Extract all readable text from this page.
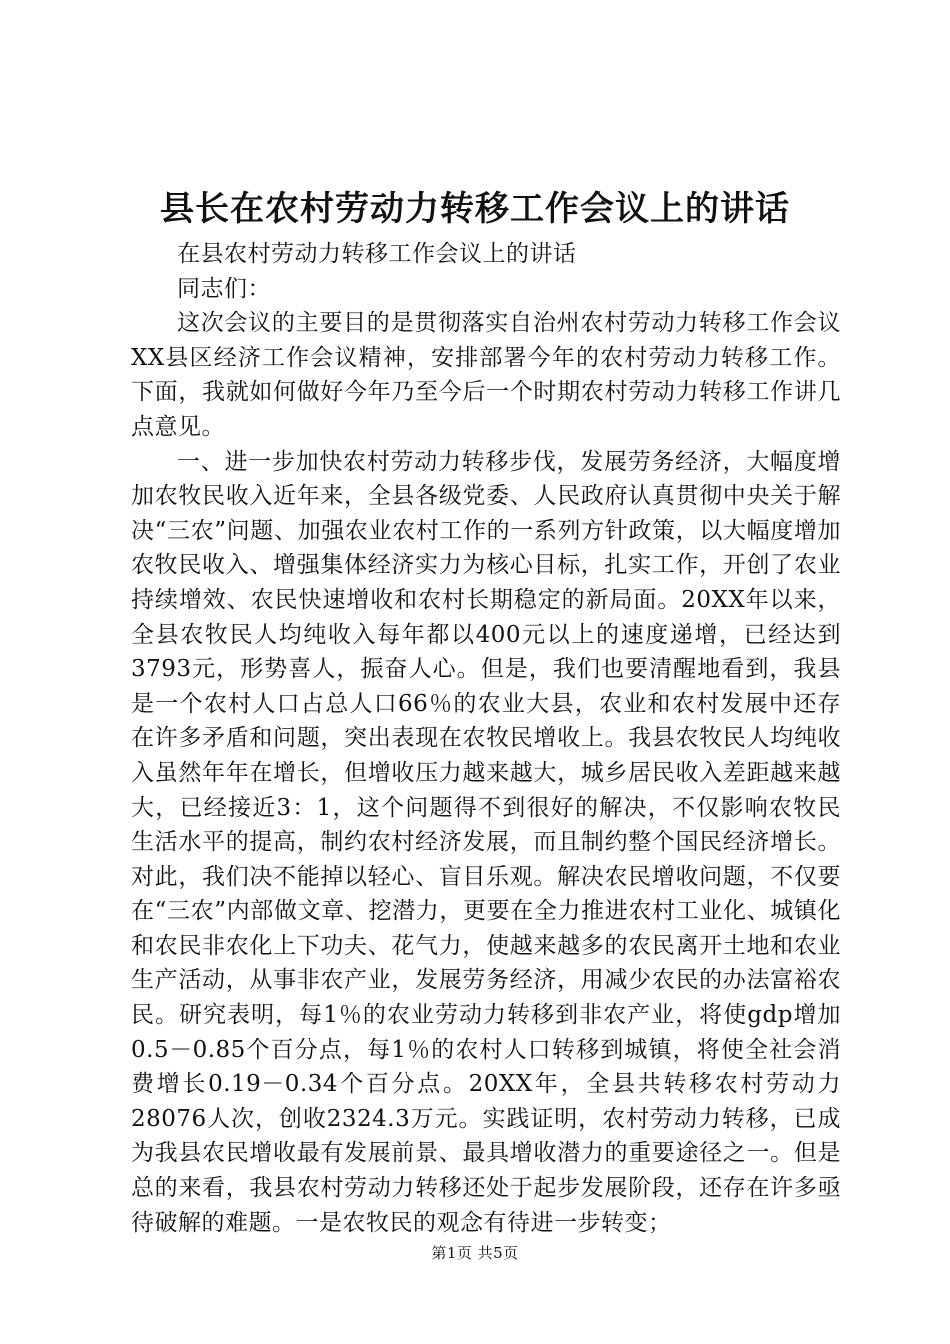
县长在农村劳动力转移工作会议上的讲话

在县农村劳动力转移工作会议上的讲话

同志们：

这次会议的主要目的是贯彻落实自治州农村劳动力转移工作会议XX县区经济工作会议精神，安排部署今年的农村劳动力转移工作。下面，我就如何做好今年乃至今后一个时期农村劳动力转移工作讲几点意见。

一、进一步加快农村劳动力转移步伐，发展劳务经济，大幅度增加农牧民收入近年来，全县各级党委、人民政府认真贯彻中央关于解决“三农”问题、加强农业农村工作的一系列方针政策，以大幅度增加农牧民收入、增强集体经济实力为核心目标，扎实工作，开创了农业持续增效、农民快速增收和农村长期稳定的新局面。20XX年以来，全县农牧民人均纯收入每年都以400元以上的速度递增，已经达到3793元，形势喜人，振奋人心。但是，我们也要清醒地看到，我县是一个农村人口占总人口66％的农业大县，农业和农村发展中还存在许多矛盾和问题，突出表现在农牧民增收上。我县农牧民人均纯收入虽然年年在增长，但增收压力越来越大，城乡居民收入差距越来越大，已经接近3：1，这个问题得不到很好的解决，不仅影响农牧民生活水平的提高，制约农村经济发展，而且制约整个国民经济增长。对此，我们决不能掉以轻心、盲目乐观。解决农民增收问题，不仅要在“三农”内部做文章、挖潜力，更要在全力推进农村工业化、城镇化和农民非农化上下功夫、花气力，使越来越多的农民离开土地和农业生产活动，从事非农产业，发展劳务经济，用减少农民的办法富裕农民。研究表明，每1％的农业劳动力转移到非农产业，将使gdp增加0.5－0.85个百分点，每1％的农村人口转移到城镇，将使全社会消费增长0.19－0.34个百分点。20XX年，全县共转移农村劳动力28076人次，创收2324.3万元。实践证明，农村劳动力转移，已成为我县农民增收最有发展前景、最具增收潜力的重要途径之一。但是总的来看，我县农村劳动力转移还处于起步发展阶段，还存在许多亟待破解的难题。一是农牧民的观念有待进一步转变；

第1页 共5页
